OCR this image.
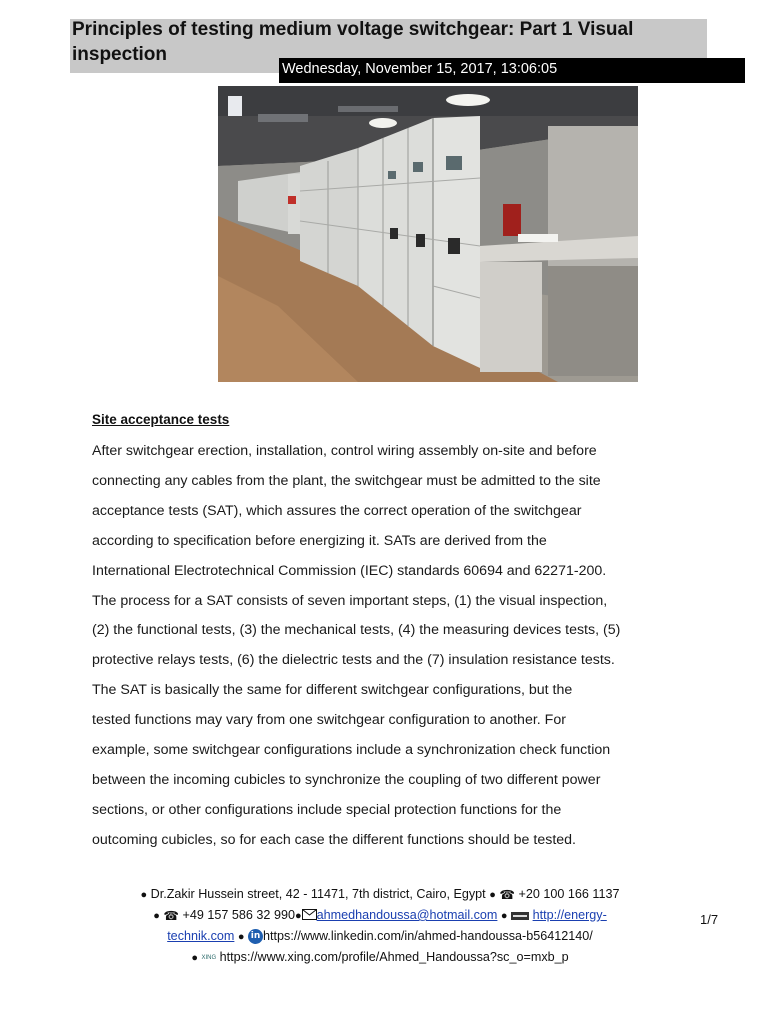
Principles of testing medium voltage switchgear: Part 1 Visual inspection
Wednesday, November 15, 2017, 13:06:05
Site acceptance tests
After switchgear erection, installation, control wiring assembly on-site and before
connecting any cables from the plant, the switchgear must be admitted to the site
acceptance tests (SAT), which assures the correct operation of the switchgear
according to specification before energizing it. SATs are derived from the
International Electrotechnical Commission (IEC) standards 60694 and 62271-200.
The process for a SAT consists of seven important steps, (1) the visual inspection,
(2) the functional tests, (3) the mechanical tests, (4) the measuring devices tests, (5)
protective relays tests, (6) the dielectric tests and the (7) insulation resistance tests.
The SAT is basically the same for different switchgear configurations, but the
tested functions may vary from one switchgear configuration to another. For
example, some switchgear configurations include a synchronization check function
between the incoming cubicles to synchronize the coupling of two different power
sections, or other configurations include special protection functions for the
outcoming cubicles, so for each case the different functions should be tested.
● Dr.Zakir Hussein street, 42 - 11471, 7th district, Cairo, Egypt ● ☎ +20 100 166 1137
● ☎ +49 157 586 32 990● ahmedhandoussa@hotmail.com ● http://energy-
technik.com ● in https://www.linkedin.com/in/ahmed-handoussa-b56412140/
● XING https://www.xing.com/profile/Ahmed_Handoussa?sc_o=mxb_p
1/7
